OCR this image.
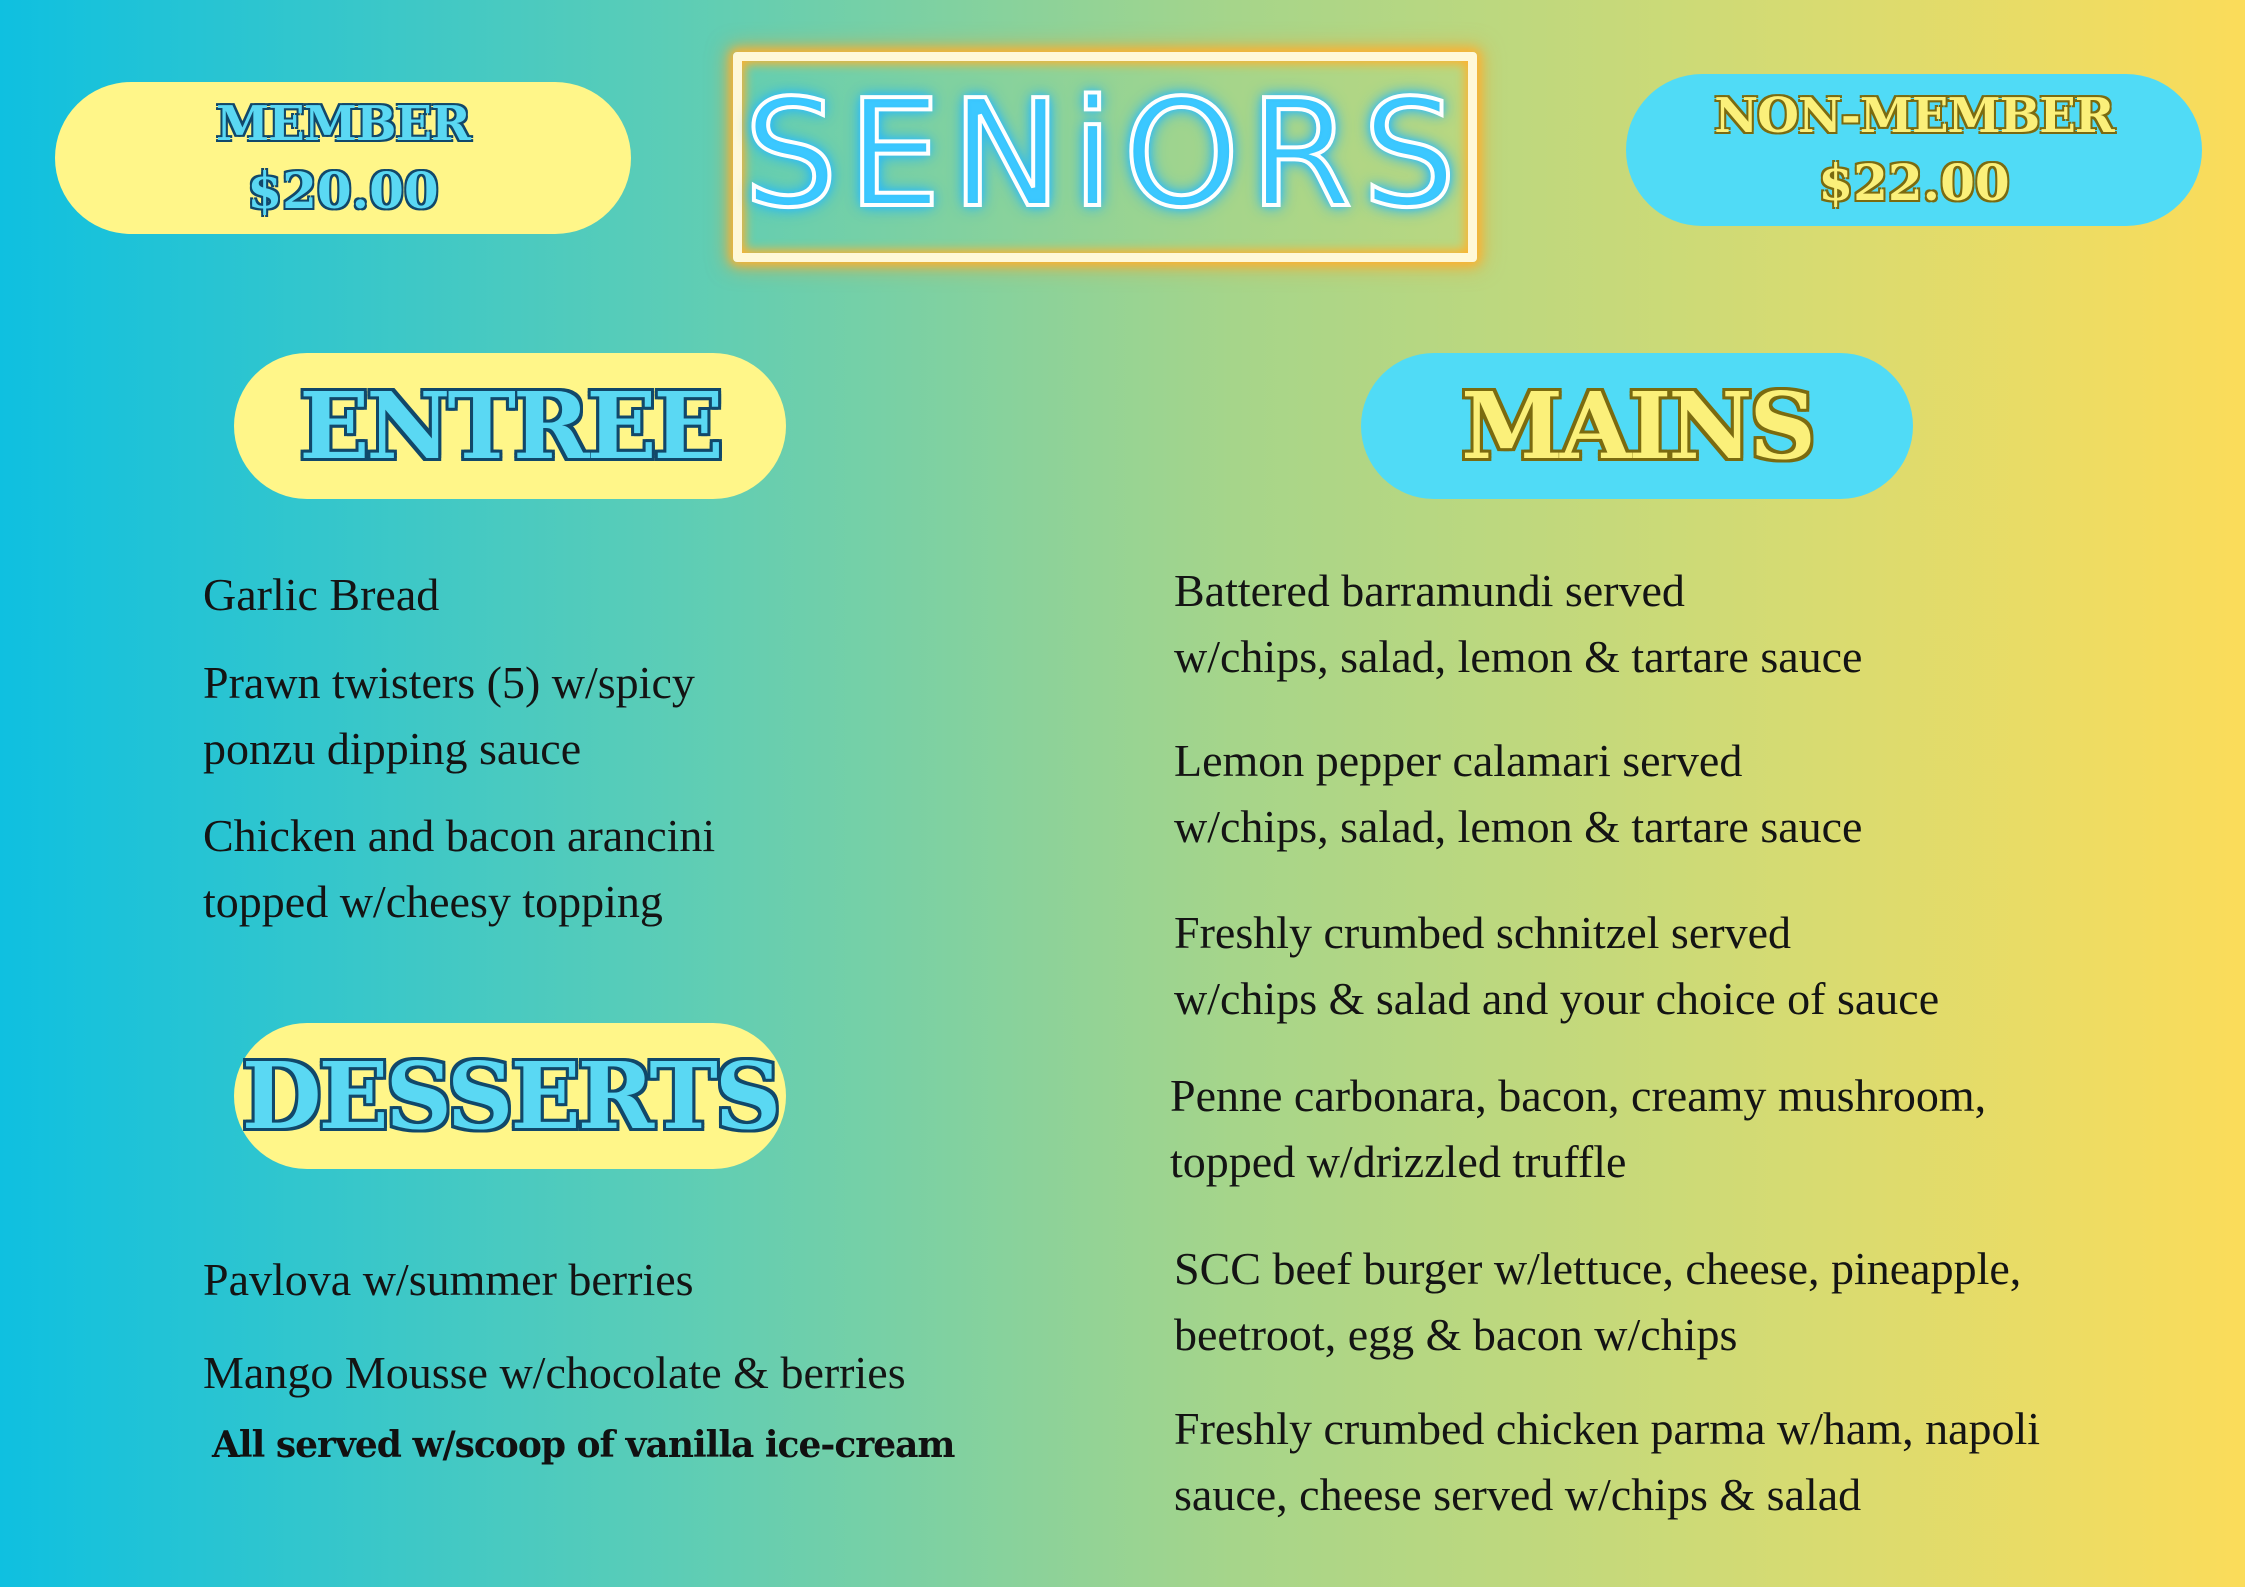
MEMBER
$20.00 SENiORS	NON-MEMBER
$22.00
ENTREE	MAINS
Garlic Bread
Prawn twisters (5) w/spicy
ponzu dipping sauce
Chicken and bacon arancini
topped w/cheesy topping
DESSERTS
Pavlova w/summer berries
Mango Mousse w/chocolate & berries
All served w/scoop of vanilla ice-cream
Battered barramundi served
w/chips, salad, lemon & tartare sauce
Lemon pepper calamari served
w/chips, salad, lemon & tartare sauce
Freshly crumbed schnitzel served
w/chips & salad and your choice of sauce
Penne carbonara, bacon, creamy mushroom,
topped w/drizzled truffle
SCC beef burger w/lettuce, cheese, pineapple,
beetroot, egg & bacon w/chips
Freshly crumbed chicken parma w/ham, napoli
sauce, cheese served w/chips & salad
